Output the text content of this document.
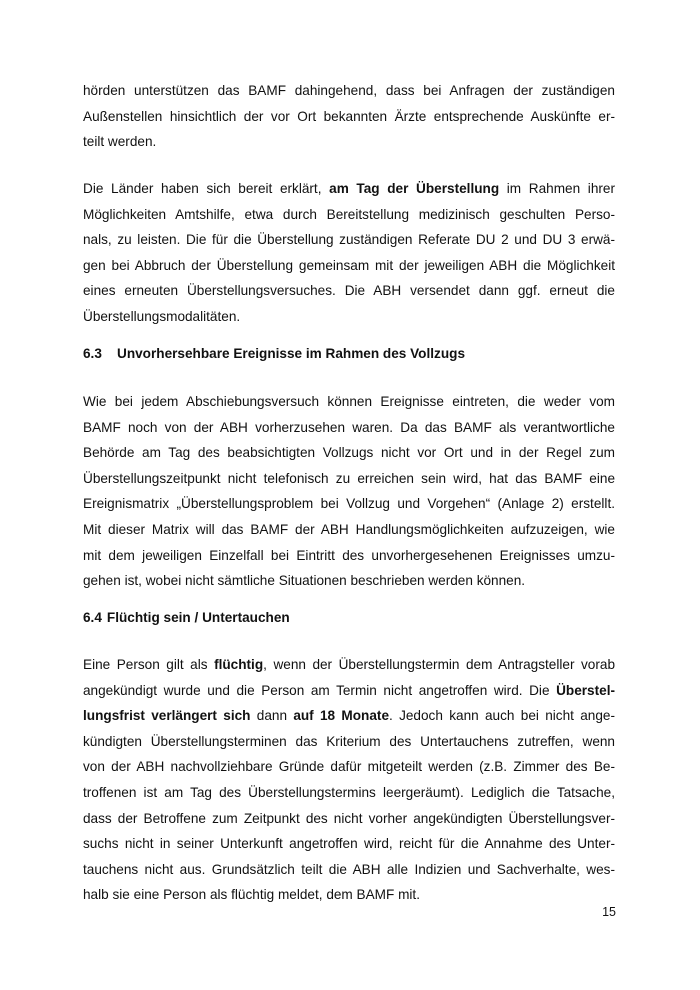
hörden unterstützen das BAMF dahingehend, dass bei Anfragen der zuständigen
Außenstellen hinsichtlich der vor Ort bekannten Ärzte entsprechende Auskünfte er-
teilt werden.

Die Länder haben sich bereit erklärt, am Tag der Überstellung im Rahmen ihrer
Möglichkeiten Amtshilfe, etwa durch Bereitstellung medizinisch geschulten Perso-
nals, zu leisten. Die für die Überstellung zuständigen Referate DU 2 und DU 3 erwä-
gen bei Abbruch der Überstellung gemeinsam mit der jeweiligen ABH die Möglichkeit
eines erneuten Überstellungsversuches. Die ABH versendet dann ggf. erneut die
Überstellungsmodalitäten.

6.3 Unvorhersehbare Ereignisse im Rahmen des Vollzugs

Wie bei jedem Abschiebungsversuch können Ereignisse eintreten, die weder vom
BAMF noch von der ABH vorherzusehen waren. Da das BAMF als verantwortliche
Behörde am Tag des beabsichtigten Vollzugs nicht vor Ort und in der Regel zum
Überstellungszeitpunkt nicht telefonisch zu erreichen sein wird, hat das BAMF eine
Ereignismatrix „Überstellungsproblem bei Vollzug und Vorgehen“ (Anlage 2) erstellt.
Mit dieser Matrix will das BAMF der ABH Handlungsmöglichkeiten aufzuzeigen, wie
mit dem jeweiligen Einzelfall bei Eintritt des unvorhergesehenen Ereignisses umzu-
gehen ist, wobei nicht sämtliche Situationen beschrieben werden können.

6.4 Flüchtig sein / Untertauchen

Eine Person gilt als flüchtig, wenn der Überstellungstermin dem Antragsteller vorab
angekündigt wurde und die Person am Termin nicht angetroffen wird. Die Überstel-
lungsfrist verlängert sich dann auf 18 Monate. Jedoch kann auch bei nicht ange-
kündigten Überstellungsterminen das Kriterium des Untertauchens zutreffen, wenn
von der ABH nachvollziehbare Gründe dafür mitgeteilt werden (z.B. Zimmer des Be-
troffenen ist am Tag des Überstellungstermins leergeräumt). Lediglich die Tatsache,
dass der Betroffene zum Zeitpunkt des nicht vorher angekündigten Überstellungsver-
suchs nicht in seiner Unterkunft angetroffen wird, reicht für die Annahme des Unter-
tauchens nicht aus. Grundsätzlich teilt die ABH alle Indizien und Sachverhalte, wes-
halb sie eine Person als flüchtig meldet, dem BAMF mit.

15
